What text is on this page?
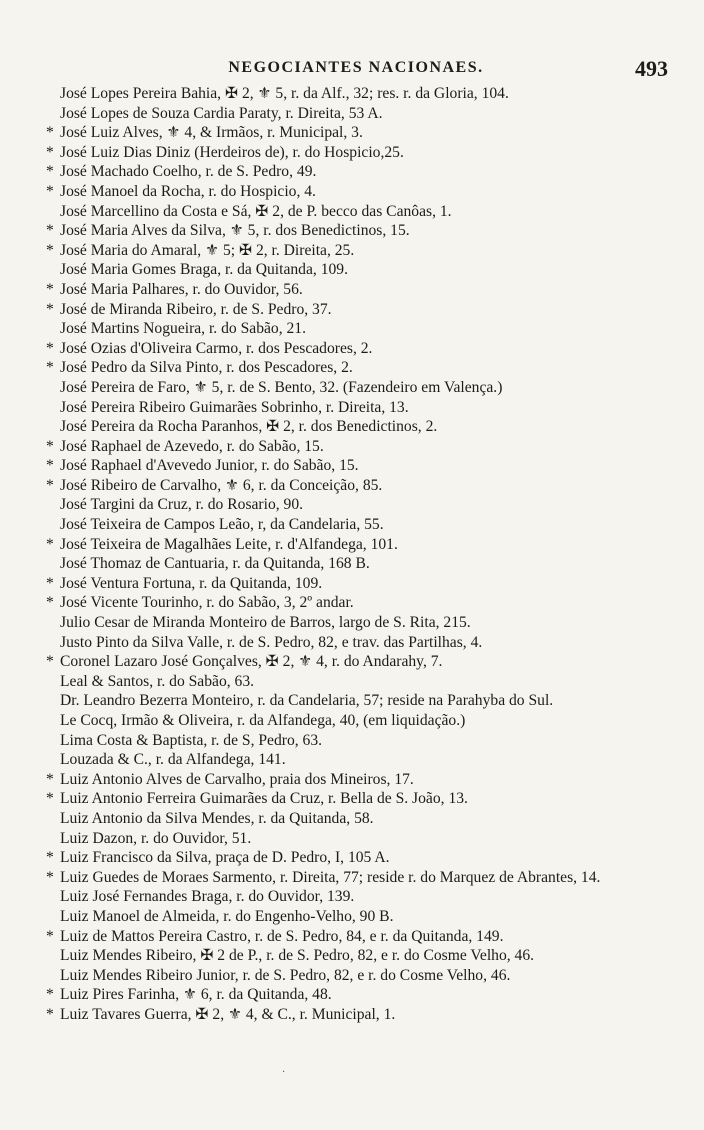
NEGOCIANTES NACIONAES.	493
José Lopes Pereira Bahia, ✠ 2, ⚜ 5, r. da Alf., 32; res. r. da Gloria, 104.
José Lopes de Souza Cardia Paraty, r. Direita, 53 A.
* José Luiz Alves, ⚜ 4, & Irmãos, r. Municipal, 3.
* José Luiz Dias Diniz (Herdeiros de), r. do Hospicio,25.
* José Machado Coelho, r. de S. Pedro, 49.
* José Manoel da Rocha, r. do Hospicio, 4.
José Marcellino da Costa e Sá, ✠ 2, de P. becco das Canôas, 1.
* José Maria Alves da Silva, ⚜ 5, r. dos Benedictinos, 15.
* José Maria do Amaral, ⚜ 5; ✠ 2, r. Direita, 25.
José Maria Gomes Braga, r. da Quitanda, 109.
* José Maria Palhares, r. do Ouvidor, 56.
* José de Miranda Ribeiro, r. de S. Pedro, 37.
José Martins Nogueira, r. do Sabão, 21.
* José Ozias d'Oliveira Carmo, r. dos Pescadores, 2.
* José Pedro da Silva Pinto, r. dos Pescadores, 2.
José Pereira de Faro, ⚜ 5, r. de S. Bento, 32. (Fazendeiro em Valença.)
José Pereira Ribeiro Guimarães Sobrinho, r. Direita, 13.
José Pereira da Rocha Paranhos, ✠ 2, r. dos Benedictinos, 2.
* José Raphael de Azevedo, r. do Sabão, 15.
* José Raphael d'Avevedo Junior, r. do Sabão, 15.
* José Ribeiro de Carvalho, ⚜ 6, r. da Conceição, 85.
José Targini da Cruz, r. do Rosario, 90.
José Teixeira de Campos Leão, r, da Candelaria, 55.
* José Teixeira de Magalhães Leite, r. d'Alfandega, 101.
José Thomaz de Cantuaria, r. da Quitanda, 168 B.
* José Ventura Fortuna, r. da Quitanda, 109.
* José Vicente Tourinho, r. do Sabão, 3, 2º andar.
Julio Cesar de Miranda Monteiro de Barros, largo de S. Rita, 215.
Justo Pinto da Silva Valle, r. de S. Pedro, 82, e trav. das Partilhas, 4.
* Coronel Lazaro José Gonçalves, ✠ 2, ⚜ 4, r. do Andarahy, 7.
Leal & Santos, r. do Sabão, 63.
Dr. Leandro Bezerra Monteiro, r. da Candelaria, 57; reside na Parahyba do Sul.
Le Cocq, Irmão & Oliveira, r. da Alfandega, 40, (em liquidação.)
Lima Costa & Baptista, r. de S, Pedro, 63.
Louzada & C., r. da Alfandega, 141.
* Luiz Antonio Alves de Carvalho, praia dos Mineiros, 17.
* Luiz Antonio Ferreira Guimarães da Cruz, r. Bella de S. João, 13.
Luiz Antonio da Silva Mendes, r. da Quitanda, 58.
Luiz Dazon, r. do Ouvidor, 51.
* Luiz Francisco da Silva, praça de D. Pedro, I, 105 A.
* Luiz Guedes de Moraes Sarmento, r. Direita, 77; reside r. do Marquez de Abrantes, 14.
Luiz José Fernandes Braga, r. do Ouvidor, 139.
Luiz Manoel de Almeida, r. do Engenho-Velho, 90 B.
* Luiz de Mattos Pereira Castro, r. de S. Pedro, 84, e r. da Quitanda, 149.
Luiz Mendes Ribeiro, ✠ 2 de P., r. de S. Pedro, 82, e r. do Cosme Velho, 46.
Luiz Mendes Ribeiro Junior, r. de S. Pedro, 82, e r. do Cosme Velho, 46.
* Luiz Pires Farinha, ⚜ 6, r. da Quitanda, 48.
* Luiz Tavares Guerra, ✠ 2, ⚜ 4, & C., r. Municipal, 1.
·
